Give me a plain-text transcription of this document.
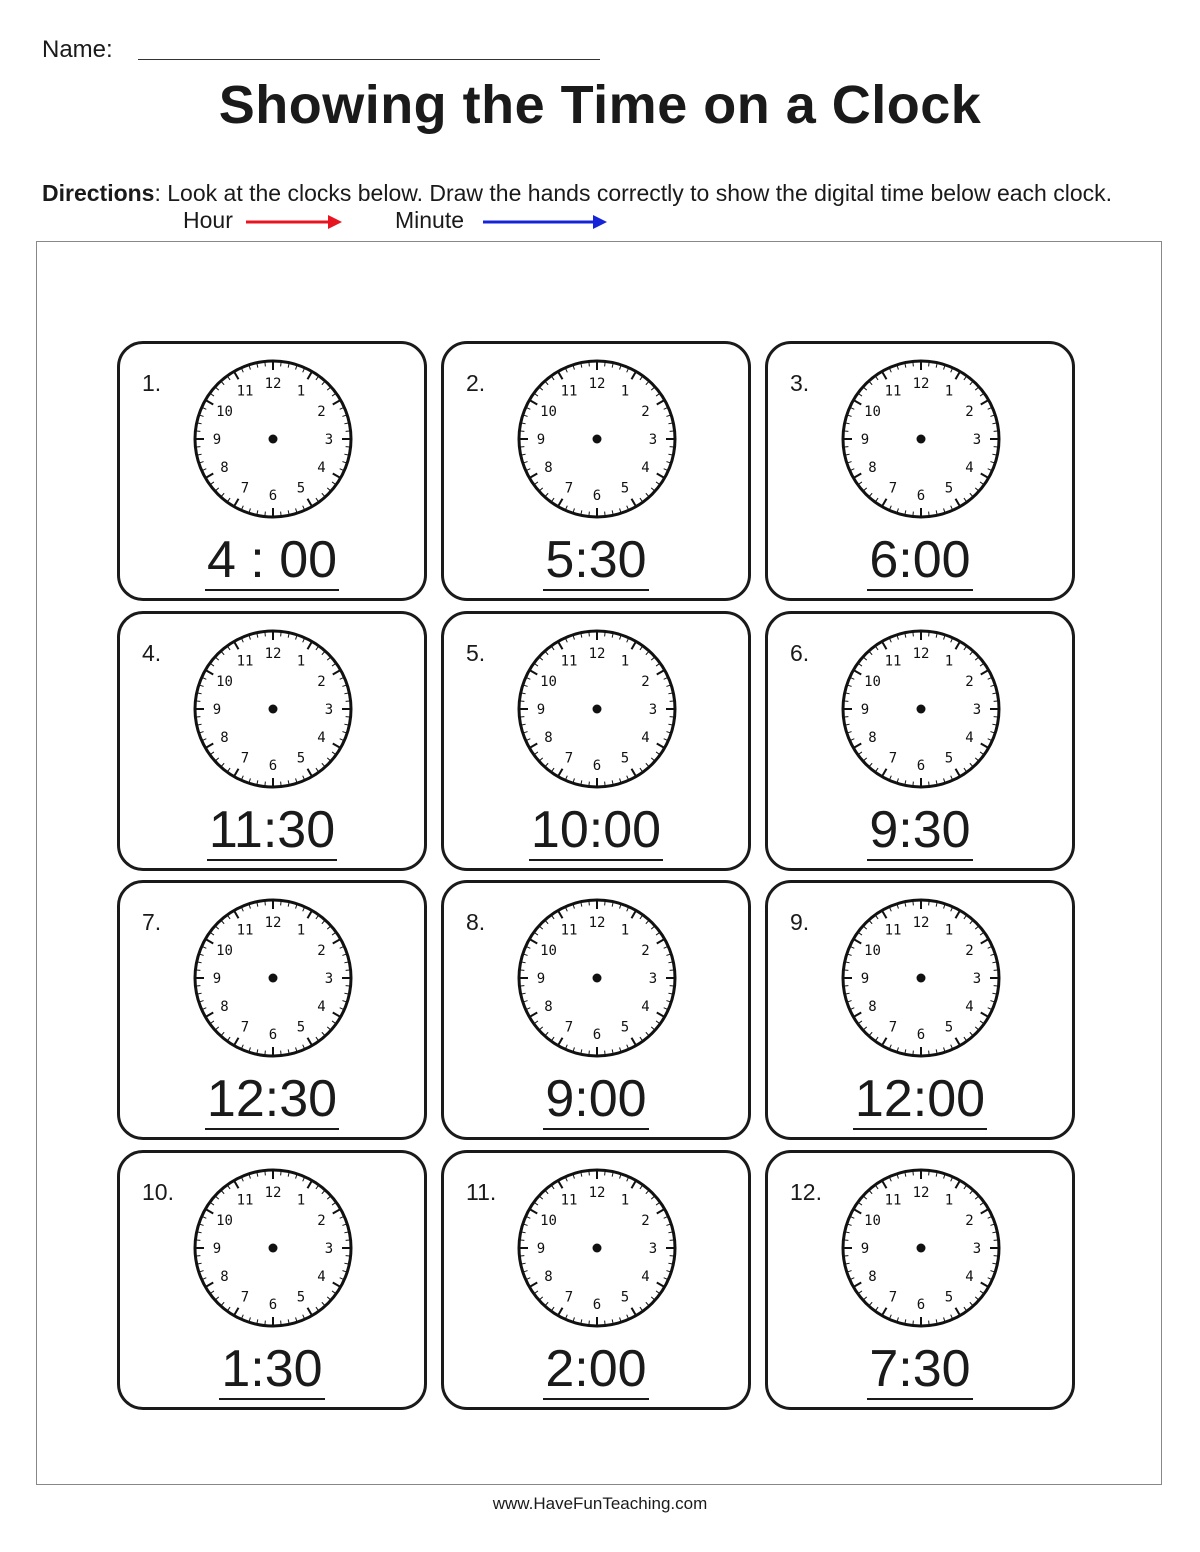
Name:
Showing the Time on a Clock
Directions: Look at the clocks below. Draw the hands correctly to show the digital time below each clock.
Hour	Minute
1.	12 1
2
3
4
5
6
7
8
9
10
11
4 : 00
2.	12 1
2
3
4
5
6
7
8
9
10
11
5:30
3.	12 1
2
3
4
5
6
7
8
9
10
11
6:00
4.	12 1
2
3
4
5
6
7
8
9
10
11
11:30
5.	12 1
2
3
4
5
6
7
8
9
10
11
10:00
6.	12 1
2
3
4
5
6
7
8
9
10
11
9:30
7.	12 1
2
3
4
5
6
7
8
9
10
11
12:30
8.	12 1
2
3
4
5
6
7
8
9
10
11
9:00
9.	12 1
2
3
4
5
6
7
8
9
10
11
12:00
10.	12 1
2
3
4
5
6
7
8
9
10
11
1:30
11.	12 1
2
3
4
5
6
7
8
9
10
11
2:00
12.	12 1
2
3
4
5
6
7
8
9
10
11
7:30
www.HaveFunTeaching.com
